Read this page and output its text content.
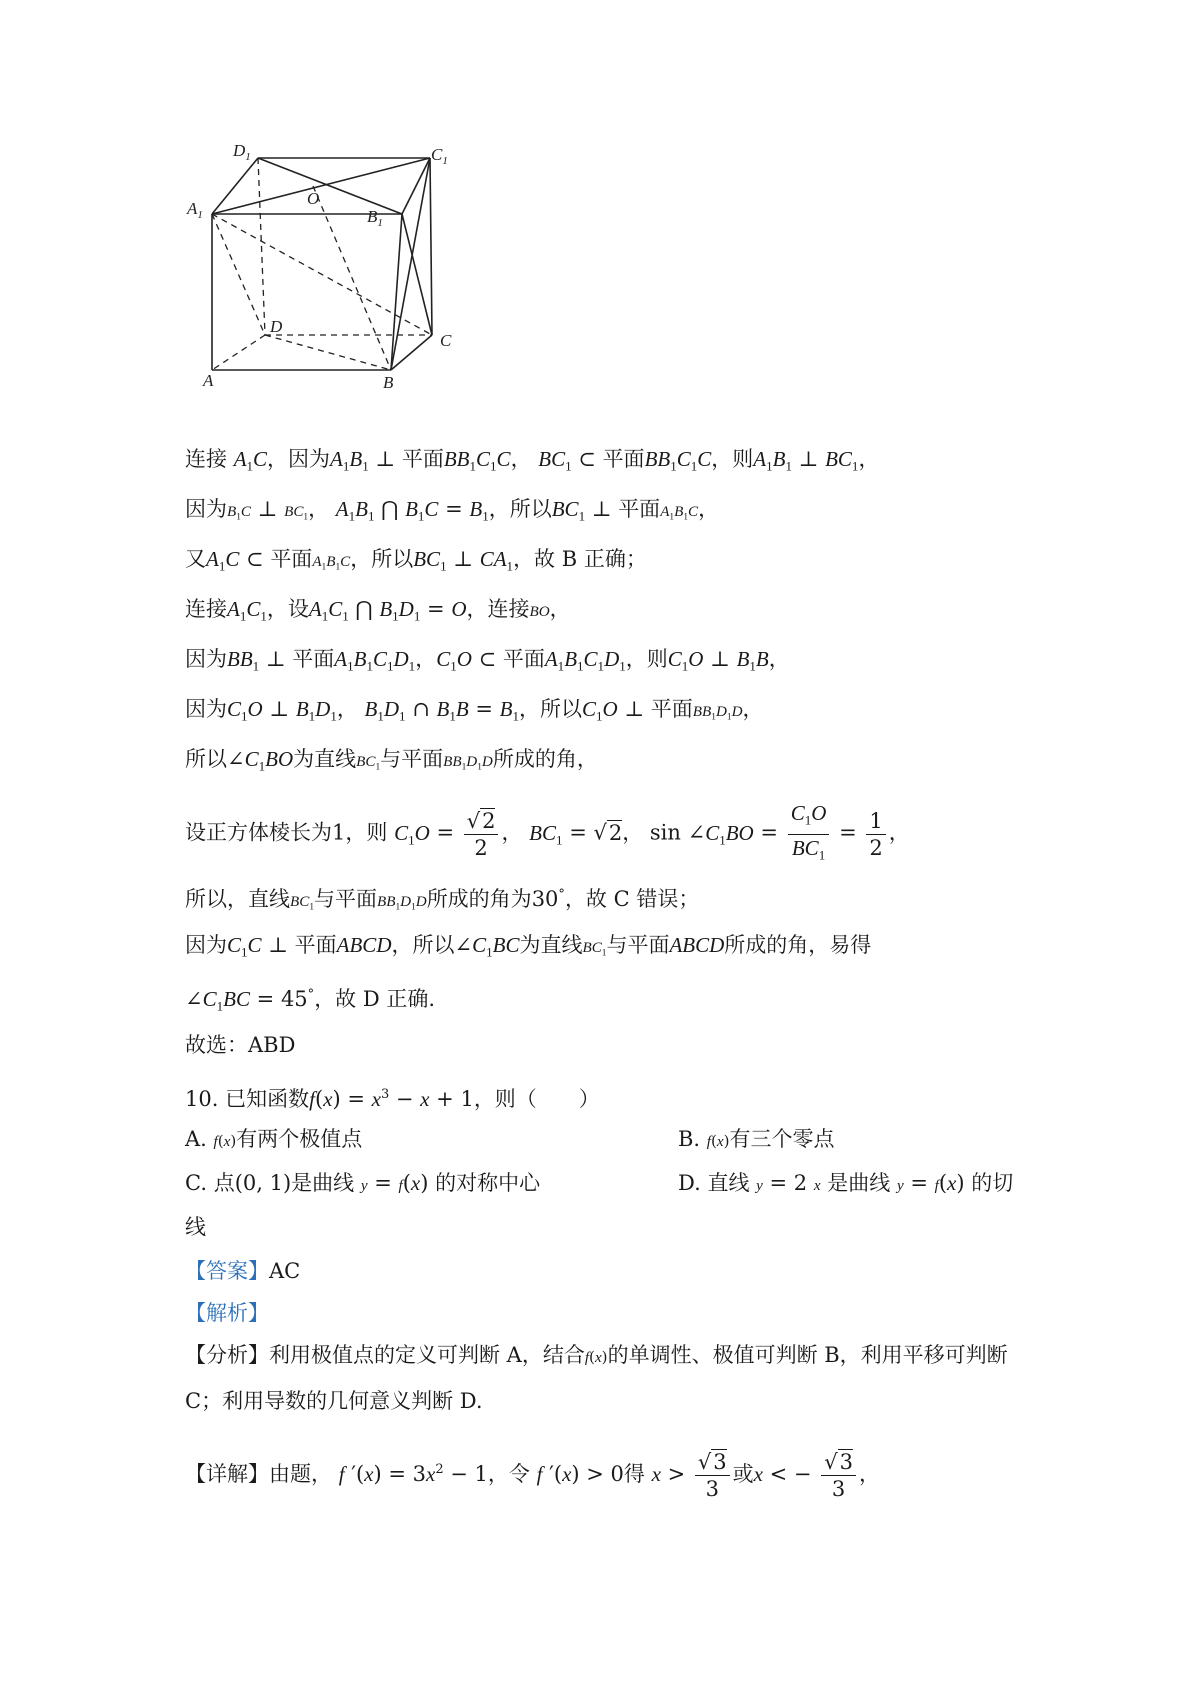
$D_1$	$C_1$
$A_1$	$B_1$
O
D
C
A	B
连接 $A_1C$，因为$A_1B_1$ ⊥ 平面$BB_1C_1C$， $BC_1$ ⊂ 平面$BB_1C_1C$，则$A_1B_1$ ⊥ $BC_1$，
因为$B_1C$ ⊥ $BC_1$， $A_1B_1$ ⋂ $B_1C = B_1$，所以$BC_1$ ⊥ 平面$A_1B_1C$，
又$A_1C$ ⊂ 平面$A_1B_1C$，所以$BC_1$ ⊥ $CA_1$，故 B 正确；
连接$A_1C_1$，设$A_1C_1$ ⋂ $B_1D_1 = O$，连接BO，
因为$BB_1$ ⊥ 平面$A_1B_1C_1D_1$，$C_1O$ ⊂ 平面$A_1B_1C_1D_1$，则$C_1O$ ⊥ $B_1B$，
因为$C_1O$ ⊥ $B_1D_1$， $B_1D_1$ ∩ $B_1B = B_1$，所以$C_1O$ ⊥ 平面$BB_1D_1D$，
所以$\angle C_1BO$为直线$BC_1$与平面$BB_1D_1D$所成的角，
设正方体棱长为1，则 $C_1O = \frac{√2}{2}$ ， $BC_1 = √2$， $\sin \angle C_1BO = \frac{C_1O}{BC_1} = \frac{1}{2}$ ，
所以，直线$BC_1$与平面$BB_1D_1D$所成的角为30°，故 C 错误；
因为$C_1C$ ⊥ 平面ABCD，所以$\angle C_1BC$为直线$BC_1$与平面ABCD所成的角，易得
$\angle C_1BC = 45^\circ$，故 D 正确.
故选：ABD
10. 已知函数$f(x) = x^3 - x + 1$，则（　　）
A. f(x)有两个极值点	B. f(x)有三个零点
C. 点(0, 1)是曲线 y = f(x) 的对称中心	D. 直线 y = 2 x 是曲线 y = f(x) 的切
线
【答案】AC
【解析】
【分析】利用极值点的定义可判断 A，结合f(x)的单调性、极值可判断 B，利用平移可判断
C；利用导数的几何意义判断 D.
【详解】由题， f $'(x) = 3x^2 - 1$，令 f ′(x) > 0得 $x > \frac{√3}{3}$ 或x < − $\frac{√3}{3}$ ，
